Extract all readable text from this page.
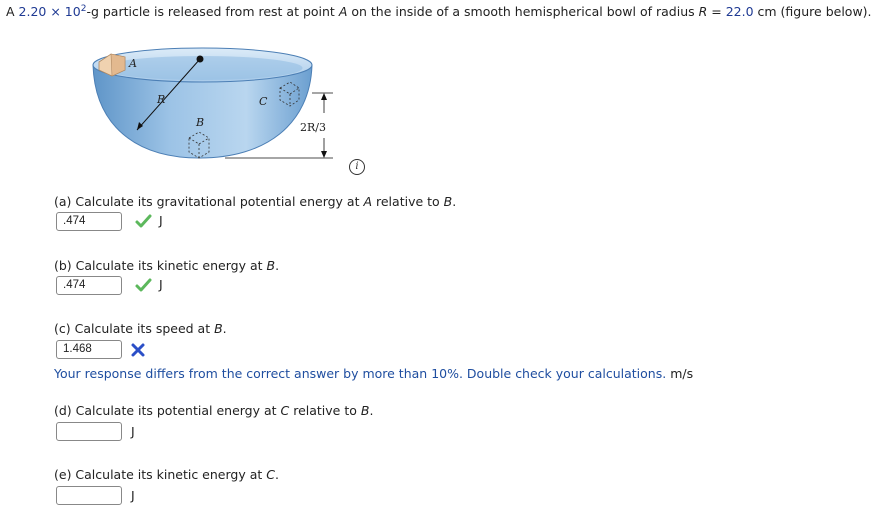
A $2.20 \times 10^2-g$ particle is released from rest at point A on the inside of a smooth hemispherical bowl of radius R = 22.0 cm (figure below).
A
R	C
B	2R/3
i
(a) Calculate its gravitational potential energy at A relative to B.
.474	J
(b) Calculate its kinetic energy at B.
.474	J
(c) Calculate its speed at B.
1.468
Your response differs from the correct answer by more than 10%. Double check your calculations. m/s
(d) Calculate its potential energy at C relative to B.
J
(e) Calculate its kinetic energy at C.
J
